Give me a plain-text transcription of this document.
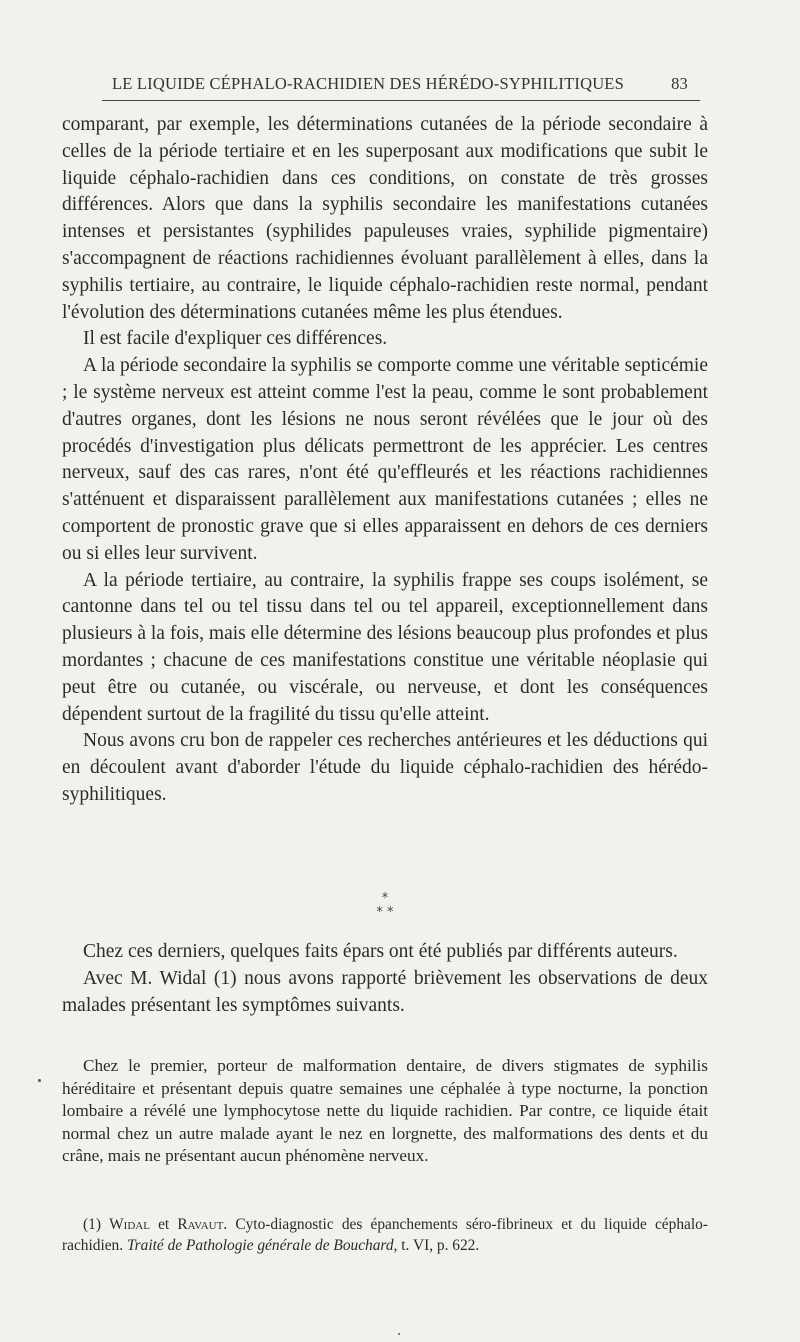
LE LIQUIDE CÉPHALO-RACHIDIEN DES HÉRÉDO-SYPHILITIQUES	83

comparant, par exemple, les déterminations cutanées de la période secondaire à celles de la période tertiaire et en les superposant aux modifications que subit le liquide céphalo-rachidien dans ces conditions, on constate de très grosses différences. Alors que dans la syphilis secondaire les manifestations cutanées intenses et persistantes (syphilides papuleuses vraies, syphilide pigmentaire) s'accompagnent de réactions rachidiennes évoluant parallèlement à elles, dans la syphilis tertiaire, au contraire, le liquide céphalo-rachidien reste normal, pendant l'évolution des déterminations cutanées même les plus étendues.

Il est facile d'expliquer ces différences.

A la période secondaire la syphilis se comporte comme une véritable septicémie ; le système nerveux est atteint comme l'est la peau, comme le sont probablement d'autres organes, dont les lésions ne nous seront révélées que le jour où des procédés d'investigation plus délicats permettront de les apprécier. Les centres nerveux, sauf des cas rares, n'ont été qu'effleurés et les réactions rachidiennes s'atténuent et disparaissent parallèlement aux manifestations cutanées ; elles ne comportent de pronostic grave que si elles apparaissent en dehors de ces derniers ou si elles leur survivent.

A la période tertiaire, au contraire, la syphilis frappe ses coups isolément, se cantonne dans tel ou tel tissu dans tel ou tel appareil, exceptionnellement dans plusieurs à la fois, mais elle détermine des lésions beaucoup plus profondes et plus mordantes ; chacune de ces manifestations constitue une véritable néoplasie qui peut être ou cutanée, ou viscérale, ou nerveuse, et dont les conséquences dépendent surtout de la fragilité du tissu qu'elle atteint.

Nous avons cru bon de rappeler ces recherches antérieures et les déductions qui en découlent avant d'aborder l'étude du liquide céphalo-rachidien des hérédo-syphilitiques.

*
* *

Chez ces derniers, quelques faits épars ont été publiés par différents auteurs.

Avec M. Widal (1) nous avons rapporté brièvement les observations de deux malades présentant les symptômes suivants.

Chez le premier, porteur de malformation dentaire, de divers stigmates de syphilis héréditaire et présentant depuis quatre semaines une céphalée à type nocturne, la ponction lombaire a révélé une lymphocytose nette du liquide rachidien. Par contre, ce liquide était normal chez un autre malade ayant le nez en lorgnette, des malformations des dents et du crâne, mais ne présentant aucun phénomène nerveux.

(1) Widal et Ravaut. Cyto-diagnostic des épanchements séro-fibrineux et du liquide céphalo-rachidien. Traité de Pathologie générale de Bouchard, t. VI, p. 622.
